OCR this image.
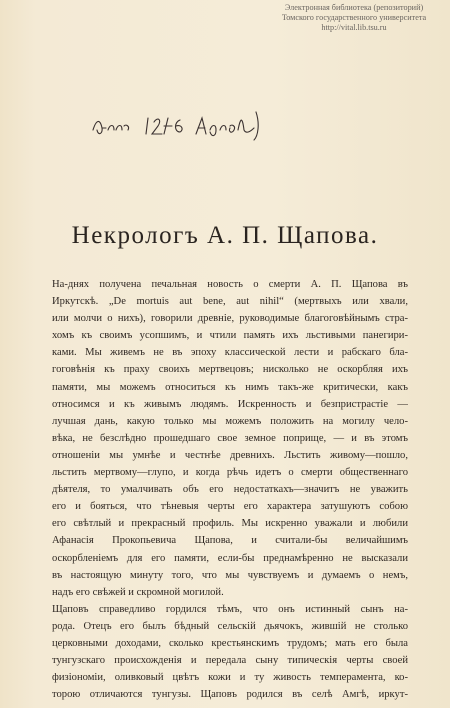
Электронная библиотека (репозиторий)
Томского государственного университета
http://vital.lib.tsu.ru
Некрологъ А. П. Щапова.

На-днях получена печальная новость о смерти А. П. Щапова въ
Иркутскѣ. „De mortuis aut bene, aut nihil“ (мертвыхъ или хвали,
или молчи о нихъ), говорили древніе, руководимые благоговѣйнымъ стра-
хомъ къ своимъ усопшимъ, и чтили память ихъ льстивыми панегири-
ками. Мы живемъ не въ эпоху классической лести и рабскаго бла-
гоговѣнія къ праху своихъ мертвецовъ; нисколько не оскорбляя ихъ
памяти, мы можемъ относиться къ нимъ такъ-же критически, какъ
относимся и къ живымъ людямъ. Искренность и безпристрастіе —
лучшая дань, какую только мы можемъ положить на могилу чело-
вѣка, не безслѣдно прошедшаго свое земное поприще, — и въ этомъ
отношеніи мы умнѣе и честнѣе древнихъ. Льстить живому—пошло,
льстить мертвому—глупо, и когда рѣчь идетъ о смерти общественнаго
дѣятеля, то умалчивать объ его недостаткахъ—значитъ не уважить
его и бояться, что тѣневыя черты его характера затушуютъ собою
его свѣтлый и прекрасный профиль. Мы искренно уважали и любили
Афанасія Прокопьевича Щапова, и считали-бы величайшимъ
оскорбленіемъ для его памяти, если-бы преднамѣренно не высказали
въ настоящую минуту того, что мы чувствуемъ и думаемъ о немъ,
надъ его свѣжей и скромной могилой.

Щаповъ справедливо гордился тѣмъ, что онъ истинный сынъ на-
рода. Отецъ его былъ бѣдный сельскій дьячокъ, жившій не столько
церковными доходами, сколько крестьянскимъ трудомъ; мать его была
тунгузскаго происхожденія и передала сыну типическія черты своей
физіономіи, оливковый цвѣтъ кожи и ту живость темперамента, ко-
торою отличаются тунгузы. Щаповъ родился въ селѣ Амгѣ, иркут-
